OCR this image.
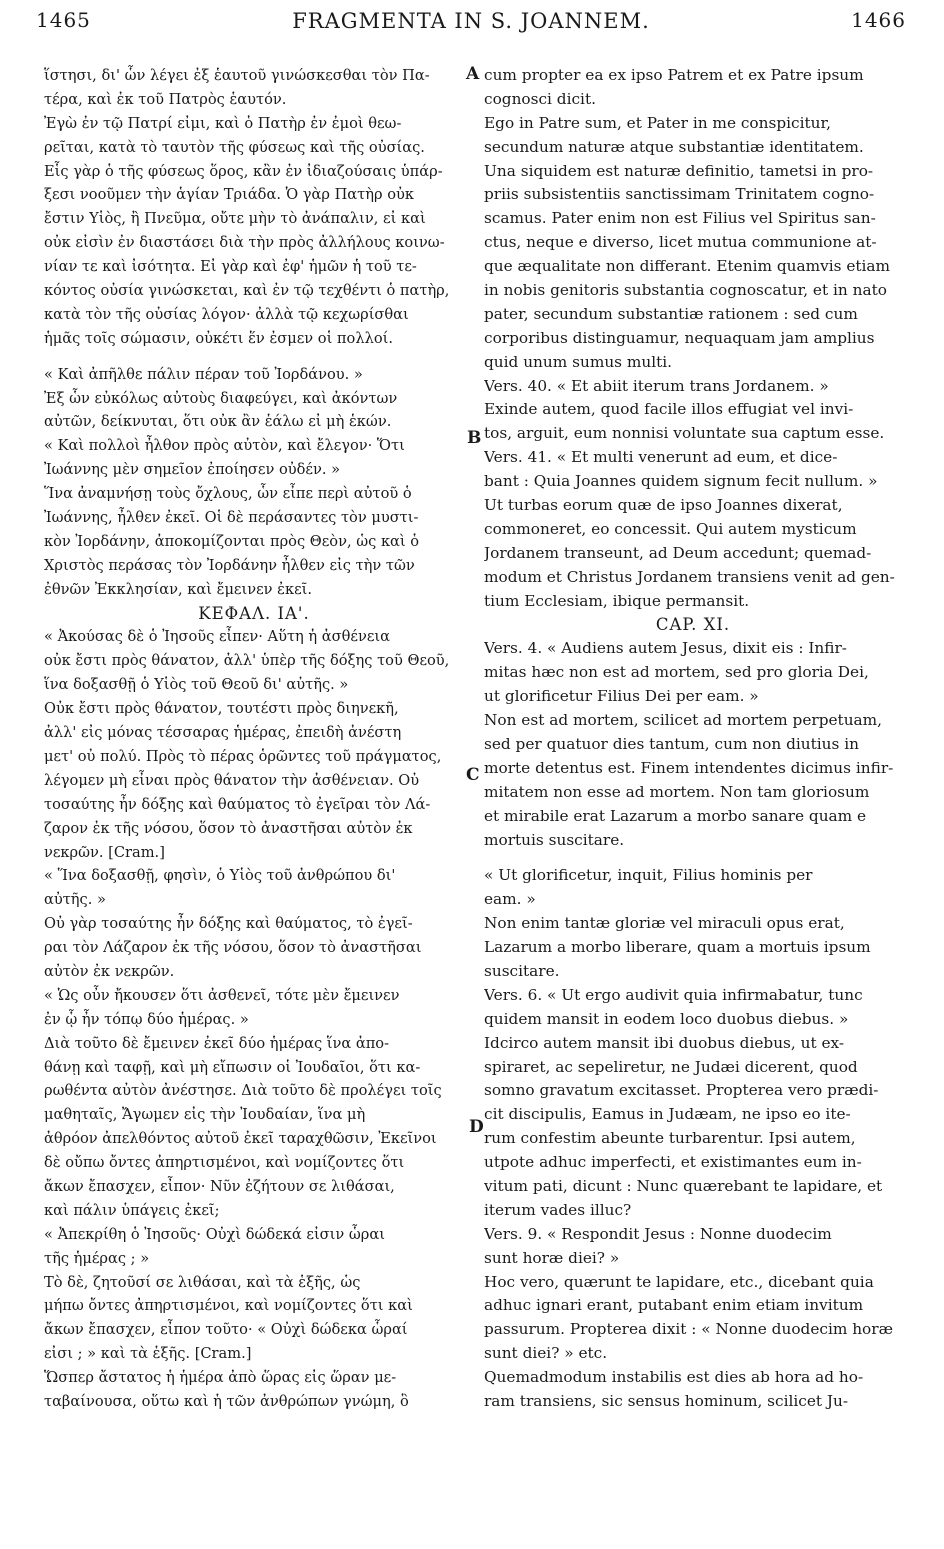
1465	FRAGMENTA IN S. JOANNEM.	1466
ἵστησι, δι' ὧν λέγει ἐξ ἑαυτοῦ γινώσκεσθαι τὸν Πα-
τέρα, καὶ ἐκ τοῦ Πατρὸς ἑαυτόν.
Ἐγὼ ἐν τῷ Πατρί εἰμι, καὶ ὁ Πατὴρ ἐν ἐμοὶ θεω-
ρεῖται, κατὰ τὸ ταυτὸν τῆς φύσεως καὶ τῆς οὐσίας.
Εἷς γὰρ ὁ τῆς φύσεως ὅρος, κἂν ἐν ἰδιαζούσαις ὑπάρ-
ξεσι νοοῦμεν τὴν ἁγίαν Τριάδα. Ὁ γὰρ Πατὴρ οὐκ
ἔστιν Υἱὸς, ἢ Πνεῦμα, οὔτε μὴν τὸ ἀνάπαλιν, εἰ καὶ
οὐκ εἰσὶν ἐν διαστάσει διὰ τὴν πρὸς ἀλλήλους κοινω-
νίαν τε καὶ ἰσότητα. Εἰ γὰρ καὶ ἐφ' ἡμῶν ἡ τοῦ τε-
κόντος οὐσία γινώσκεται, καὶ ἐν τῷ τεχθέντι ὁ πατὴρ,
κατὰ τὸν τῆς οὐσίας λόγον· ἀλλὰ τῷ κεχωρίσθαι
ἡμᾶς τοῖς σώμασιν, οὐκέτι ἕν ἐσμεν οἱ πολλοί.
« Καὶ ἀπῆλθε πάλιν πέραν τοῦ Ἰορδάνου. »
Ἐξ ὧν εὐκόλως αὐτοὺς διαφεύγει, καὶ ἀκόντων
αὐτῶν, δείκνυται, ὅτι οὐκ ἂν ἑάλω εἰ μὴ ἑκών.
« Καὶ πολλοὶ ἦλθον πρὸς αὐτὸν, καὶ ἔλεγον· Ὅτι
Ἰωάννης μὲν σημεῖον ἐποίησεν οὐδέν. »
Ἵνα ἀναμνήσῃ τοὺς ὄχλους, ὧν εἶπε περὶ αὐτοῦ ὁ
Ἰωάννης, ἦλθεν ἐκεῖ. Οἱ δὲ περάσαντες τὸν μυστι-
κὸν Ἰορδάνην, ἀποκομίζονται πρὸς Θεὸν, ὡς καὶ ὁ
Χριστὸς περάσας τὸν Ἰορδάνην ἦλθεν εἰς τὴν τῶν
ἐθνῶν Ἐκκλησίαν, καὶ ἔμεινεν ἐκεῖ.
ΚΕΦΑΛ. ΙΑ'.
« Ἀκούσας δὲ ὁ Ἰησοῦς εἶπεν· Αὕτη ἡ ἀσθένεια
οὐκ ἔστι πρὸς θάνατον, ἀλλ' ὑπὲρ τῆς δόξης τοῦ Θεοῦ,
ἵνα δοξασθῇ ὁ Υἱὸς τοῦ Θεοῦ δι' αὐτῆς. »
Οὐκ ἔστι πρὸς θάνατον, τουτέστι πρὸς διηνεκῆ,
ἀλλ' εἰς μόνας τέσσαρας ἡμέρας, ἐπειδὴ ἀνέστη
μετ' οὐ πολύ. Πρὸς τὸ πέρας ὁρῶντες τοῦ πράγματος,
λέγομεν μὴ εἶναι πρὸς θάνατον τὴν ἀσθένειαν. Οὐ
τοσαύτης ἦν δόξης καὶ θαύματος τὸ ἐγεῖραι τὸν Λά-
ζαρον ἐκ τῆς νόσου, ὅσον τὸ ἀναστῆσαι αὐτὸν ἐκ
νεκρῶν. [Cram.]
« Ἵνα δοξασθῇ, φησὶν, ὁ Υἱὸς τοῦ ἀνθρώπου δι'
αὐτῆς. »
Οὐ γὰρ τοσαύτης ἦν δόξης καὶ θαύματος, τὸ ἐγεῖ-
ραι τὸν Λάζαρον ἐκ τῆς νόσου, ὅσον τὸ ἀναστῆσαι
αὐτὸν ἐκ νεκρῶν.
« Ὡς οὖν ἤκουσεν ὅτι ἀσθενεῖ, τότε μὲν ἔμεινεν
ἐν ᾧ ἦν τόπῳ δύο ἡμέρας. »
Διὰ τοῦτο δὲ ἔμεινεν ἐκεῖ δύο ἡμέρας ἵνα ἀπο-
θάνῃ καὶ ταφῇ, καὶ μὴ εἴπωσιν οἱ Ἰουδαῖοι, ὅτι κα-
ρωθέντα αὐτὸν ἀνέστησε. Διὰ τοῦτο δὲ προλέγει τοῖς
μαθηταῖς, Ἄγωμεν εἰς τὴν Ἰουδαίαν, ἵνα μὴ
ἀθρόον ἀπελθόντος αὐτοῦ ἐκεῖ ταραχθῶσιν, Ἐκεῖνοι
δὲ οὔπω ὄντες ἀπηρτισμένοι, καὶ νομίζοντες ὅτι
ἄκων ἔπασχεν, εἶπον· Νῦν ἐζήτουν σε λιθάσαι,
καὶ πάλιν ὑπάγεις ἐκεῖ;
« Ἀπεκρίθη ὁ Ἰησοῦς· Οὐχὶ δώδεκά εἰσιν ὧραι
τῆς ἡμέρας ; »
Τὸ δὲ, ζητοῦσί σε λιθάσαι, καὶ τὰ ἑξῆς, ὡς
μήπω ὄντες ἀπηρτισμένοι, καὶ νομίζοντες ὅτι καὶ
ἄκων ἔπασχεν, εἶπον τοῦτο· « Οὐχὶ δώδεκα ὧραί
εἰσι ; » καὶ τὰ ἑξῆς. [Cram.]
Ὥσπερ ἄστατος ἡ ἡμέρα ἀπὸ ὥρας εἰς ὥραν με-
ταβαίνουσα, οὕτω καὶ ἡ τῶν ἀνθρώπων γνώμη, ὃ
cum propter ea ex ipso Patrem et ex Patre ipsum
cognosci dicit.
Ego in Patre sum, et Pater in me conspicitur,
secundum naturæ atque substantiæ identitatem.
Una siquidem est naturæ definitio, tametsi in pro-
priis subsistentiis sanctissimam Trinitatem cogno-
scamus. Pater enim non est Filius vel Spiritus san-
ctus, neque e diverso, licet mutua communione at-
que æqualitate non differant. Etenim quamvis etiam
in nobis genitoris substantia cognoscatur, et in nato
pater, secundum substantiæ rationem : sed cum
corporibus distinguamur, nequaquam jam amplius
quid unum sumus multi.
Vers. 40. « Et abiit iterum trans Jordanem. »
Exinde autem, quod facile illos effugiat vel invi-
tos, arguit, eum nonnisi voluntate sua captum esse.
Vers. 41. « Et multi venerunt ad eum, et dice-
bant : Quia Joannes quidem signum fecit nullum. »
Ut turbas eorum quæ de ipso Joannes dixerat,
commoneret, eo concessit. Qui autem mysticum
Jordanem transeunt, ad Deum accedunt; quemad-
modum et Christus Jordanem transiens venit ad gen-
tium Ecclesiam, ibique permansit.
CAP. XI.
Vers. 4. « Audiens autem Jesus, dixit eis : Infir-
mitas hæc non est ad mortem, sed pro gloria Dei,
ut glorificetur Filius Dei per eam. »
Non est ad mortem, scilicet ad mortem perpetuam,
sed per quatuor dies tantum, cum non diutius in
morte detentus est. Finem intendentes dicimus infir-
mitatem non esse ad mortem. Non tam gloriosum
et mirabile erat Lazarum a morbo sanare quam e
mortuis suscitare.
« Ut glorificetur, inquit, Filius hominis per
eam. »
Non enim tantæ gloriæ vel miraculi opus erat,
Lazarum a morbo liberare, quam a mortuis ipsum
suscitare.
Vers. 6. « Ut ergo audivit quia infirmabatur, tunc
quidem mansit in eodem loco duobus diebus. »
Idcirco autem mansit ibi duobus diebus, ut ex-
spiraret, ac sepeliretur, ne Judæi dicerent, quod
somno gravatum excitasset. Propterea vero prædi-
cit discipulis, Eamus in Judæam, ne ipso eo ite-
rum confestim abeunte turbarentur. Ipsi autem,
utpote adhuc imperfecti, et existimantes eum in-
vitum pati, dicunt : Nunc quærebant te lapidare, et
iterum vades illuc?
Vers. 9. « Respondit Jesus : Nonne duodecim
sunt horæ diei? »
Hoc vero, quærunt te lapidare, etc., dicebant quia
adhuc ignari erant, putabant enim etiam invitum
passurum. Propterea dixit : « Nonne duodecim horæ
sunt diei? » etc.
Quemadmodum instabilis est dies ab hora ad ho-
ram transiens, sic sensus hominum, scilicet Ju-
A
B
C
D
